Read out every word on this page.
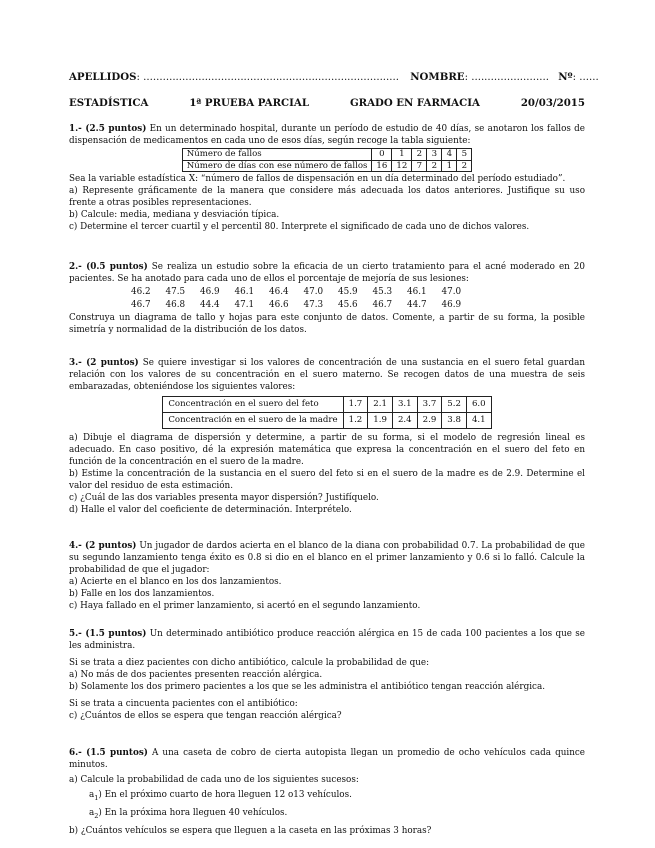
APELLIDOS: ............................................................................... NOMBRE: ........................ Nº: ......
ESTADÍSTICA	1ª PRUEBA PARCIAL	GRADO EN FARMACIA	20/03/2015

1.- (2.5 puntos) En un determinado hospital, durante un período de estudio de 40 días, se anotaron los fallos de dispensación de medicamentos en cada uno de esos días, según recoge la tabla siguiente:

Número de fallos	0	1	2	3	4	5
Número de días con ese número de fallos	16	12	7	2	1	2

Sea la variable estadística X: “número de fallos de dispensación en un día determinado del período estudiado”.

a) Represente gráficamente de la manera que considere más adecuada los datos anteriores. Justifique su uso frente a otras posibles representaciones.

b) Calcule: media, mediana y desviación típica.

c) Determine el tercer cuartil y el percentil 80. Interprete el significado de cada uno de dichos valores.

2.- (0.5 puntos) Se realiza un estudio sobre la eficacia de un cierto tratamiento para el acné moderado en 20 pacientes. Se ha anotado para cada uno de ellos el porcentaje de mejoría de sus lesiones:

46.2	47.5	46.9	46.1	46.4	47.0	45.9	45.3	46.1	47.0
46.7	46.8	44.4	47.1	46.6	47.3	45.6	46.7	44.7	46.9

Construya un diagrama de tallo y hojas para este conjunto de datos. Comente, a partir de su forma, la posible simetría y normalidad de la distribución de los datos.

3.- (2 puntos) Se quiere investigar si los valores de concentración de una sustancia en el suero fetal guardan relación con los valores de su concentración en el suero materno. Se recogen datos de una muestra de seis embarazadas, obteniéndose los siguientes valores:

Concentración en el suero del feto	1.7	2.1	3.1	3.7	5.2	6.0
Concentración en el suero de la madre	1.2	1.9	2.4	2.9	3.8	4.1

a) Dibuje el diagrama de dispersión y determine, a partir de su forma, si el modelo de regresión lineal es adecuado. En caso positivo, dé la expresión matemática que expresa la concentración en el suero del feto en función de la concentración en el suero de la madre.

b) Estime la concentración de la sustancia en el suero del feto si en el suero de la madre es de 2.9. Determine el valor del residuo de esta estimación.

c) ¿Cuál de las dos variables presenta mayor dispersión? Justifíquelo.

d) Halle el valor del coeficiente de determinación. Interprételo.

4.- (2 puntos) Un jugador de dardos acierta en el blanco de la diana con probabilidad 0.7. La probabilidad de que su segundo lanzamiento tenga éxito es 0.8 si dio en el blanco en el primer lanzamiento y 0.6 si lo falló. Calcule la probabilidad de que el jugador:

a) Acierte en el blanco en los dos lanzamientos.

b) Falle en los dos lanzamientos.

c) Haya fallado en el primer lanzamiento, si acertó en el segundo lanzamiento.

5.- (1.5 puntos) Un determinado antibiótico produce reacción alérgica en 15 de cada 100 pacientes a los que se les administra.

Si se trata a diez pacientes con dicho antibiótico, calcule la probabilidad de que:

a) No más de dos pacientes presenten reacción alérgica.

b) Solamente los dos primero pacientes a los que se les administra el antibiótico tengan reacción alérgica.

Si se trata a cincuenta pacientes con el antibiótico:

c) ¿Cuántos de ellos se espera que tengan reacción alérgica?

6.- (1.5 puntos) A una caseta de cobro de cierta autopista llegan un promedio de ocho vehículos cada quince minutos.

a) Calcule la probabilidad de cada uno de los siguientes sucesos:

$a_1$) En el próximo cuarto de hora lleguen 12 o13 vehículos.

$a_2$) En la próxima hora lleguen 40 vehículos.

b) ¿Cuántos vehículos se espera que lleguen a la caseta en las próximas 3 horas?
